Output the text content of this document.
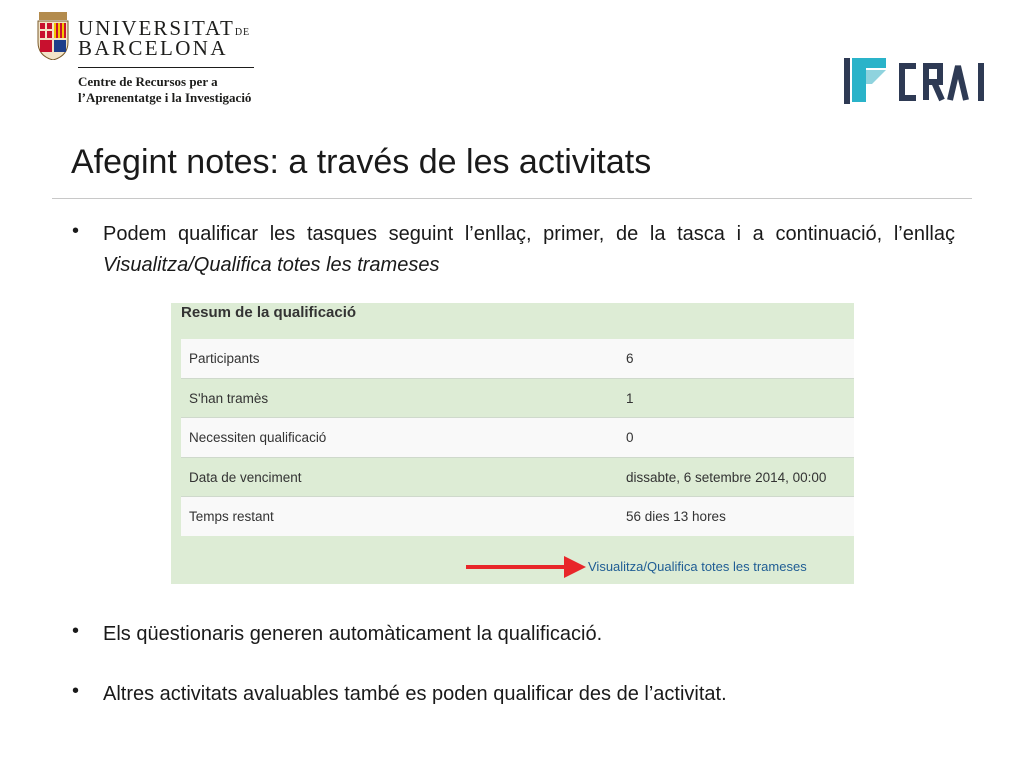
UNIVERSITATDE
BARCELONA
Centre de Recursos per a
l’Aprenentatge i la Investigació
Afegint notes: a través de les activitats
• Podem qualificar les tasques seguint l’enllaç, primer, de la tasca i a continuació, l’enllaç Visualitza/Qualifica totes les trameses
Resum de la qualificació
Participants	6
S'han tramès	1
Necessiten qualificació	0
Data de venciment	dissabte, 6 setembre 2014, 00:00
Temps restant	56 dies 13 hores
Visualitza/Qualifica totes les trameses
• Els qüestionaris generen automàticament la qualificació.
• Altres activitats avaluables també es poden qualificar des de l’activitat.
